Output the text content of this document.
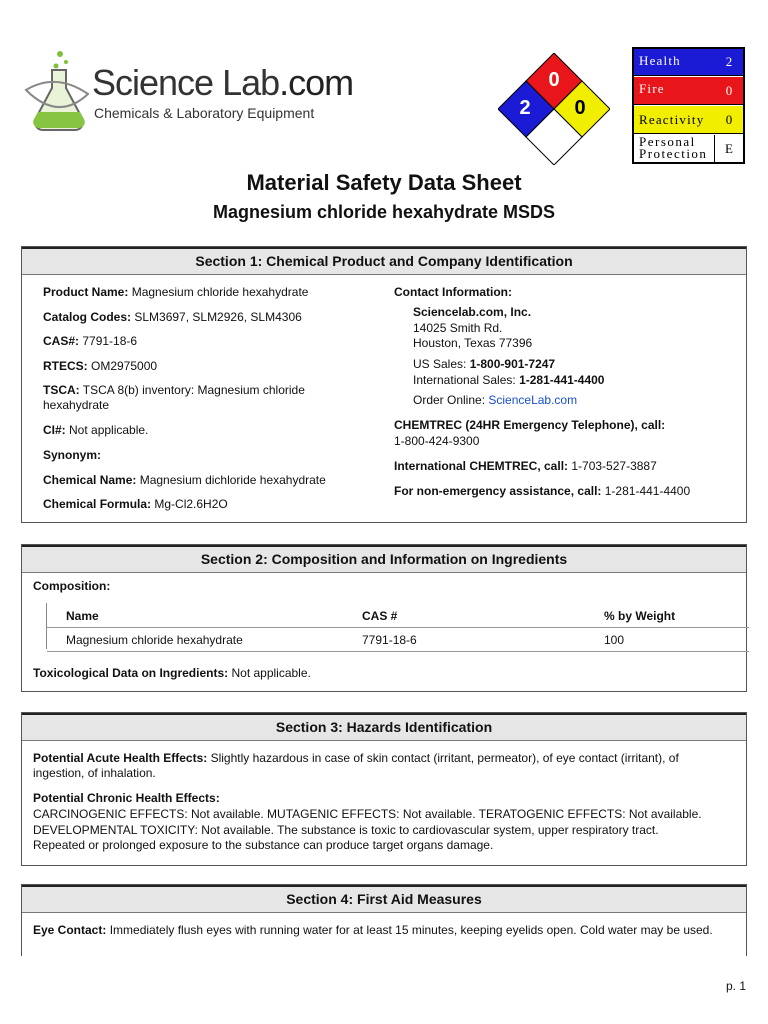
Science Lab.com
Chemicals & Laboratory Equipment
0
2 0
Health	2
Fire	0
Reactivity	0
Personal Protection	E
Material Safety Data Sheet
Magnesium chloride hexahydrate MSDS
Section 1: Chemical Product and Company Identification
Product Name: Magnesium chloride hexahydrate
Catalog Codes: SLM3697, SLM2926, SLM4306
CAS#: 7791-18-6
RTECS: OM2975000
TSCA: TSCA 8(b) inventory: Magnesium chloride hexahydrate
CI#: Not applicable.
Synonym:
Chemical Name: Magnesium dichloride hexahydrate
Chemical Formula: Mg-Cl2.6H2O
Contact Information:
Sciencelab.com, Inc.
14025 Smith Rd.
Houston, Texas 77396
US Sales: 1-800-901-7247
International Sales: 1-281-441-4400
Order Online: ScienceLab.com
CHEMTREC (24HR Emergency Telephone), call:
1-800-424-9300
International CHEMTREC, call: 1-703-527-3887
For non-emergency assistance, call: 1-281-441-4400
Section 2: Composition and Information on Ingredients
Composition:
Name	CAS #	% by Weight
Magnesium chloride hexahydrate	7791-18-6	100
Toxicological Data on Ingredients: Not applicable.
Section 3: Hazards Identification
Potential Acute Health Effects: Slightly hazardous in case of skin contact (irritant, permeator), of eye contact (irritant), of ingestion, of inhalation.
Potential Chronic Health Effects:
CARCINOGENIC EFFECTS: Not available. MUTAGENIC EFFECTS: Not available. TERATOGENIC EFFECTS: Not available.
DEVELOPMENTAL TOXICITY: Not available. The substance is toxic to cardiovascular system, upper respiratory tract.
Repeated or prolonged exposure to the substance can produce target organs damage.
Section 4: First Aid Measures
Eye Contact: Immediately flush eyes with running water for at least 15 minutes, keeping eyelids open. Cold water may be used.
p. 1
